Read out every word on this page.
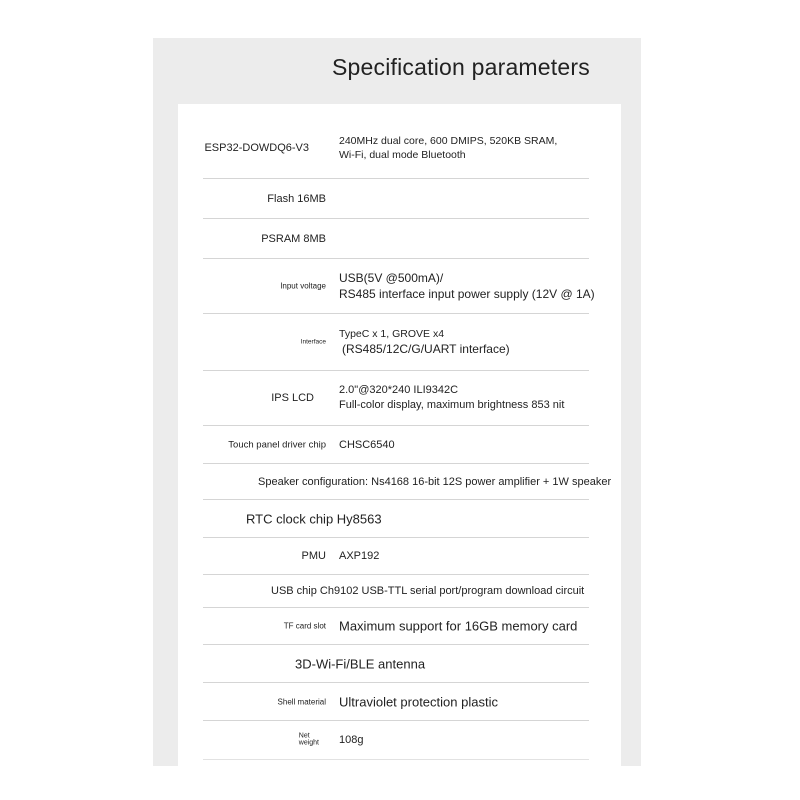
Specification parameters
ESP32-DOWDQ6-V3
240MHz dual core, 600 DMIPS, 520KB SRAM,
Wi-Fi, dual mode Bluetooth
Flash 16MB
PSRAM 8MB
Input voltage
USB(5V @500mA)/
RS485 interface input power supply (12V @ 1A)
Interface
TypeC x 1, GROVE x4
(RS485/12C/G/UART interface)
IPS LCD
2.0"@320*240 ILI9342C
Full-color display, maximum brightness 853 nit
Touch panel driver chip CHSC6540
Speaker configuration: Ns4168 16-bit 12S power amplifier + 1W speaker
RTC clock chip Hy8563
PMU AXP192
USB chip Ch9102 USB-TTL serial port/program download circuit
TF card slot Maximum support for 16GB memory card
3D-Wi-Fi/BLE antenna
Shell material Ultraviolet protection plastic
Net
weight 108g
